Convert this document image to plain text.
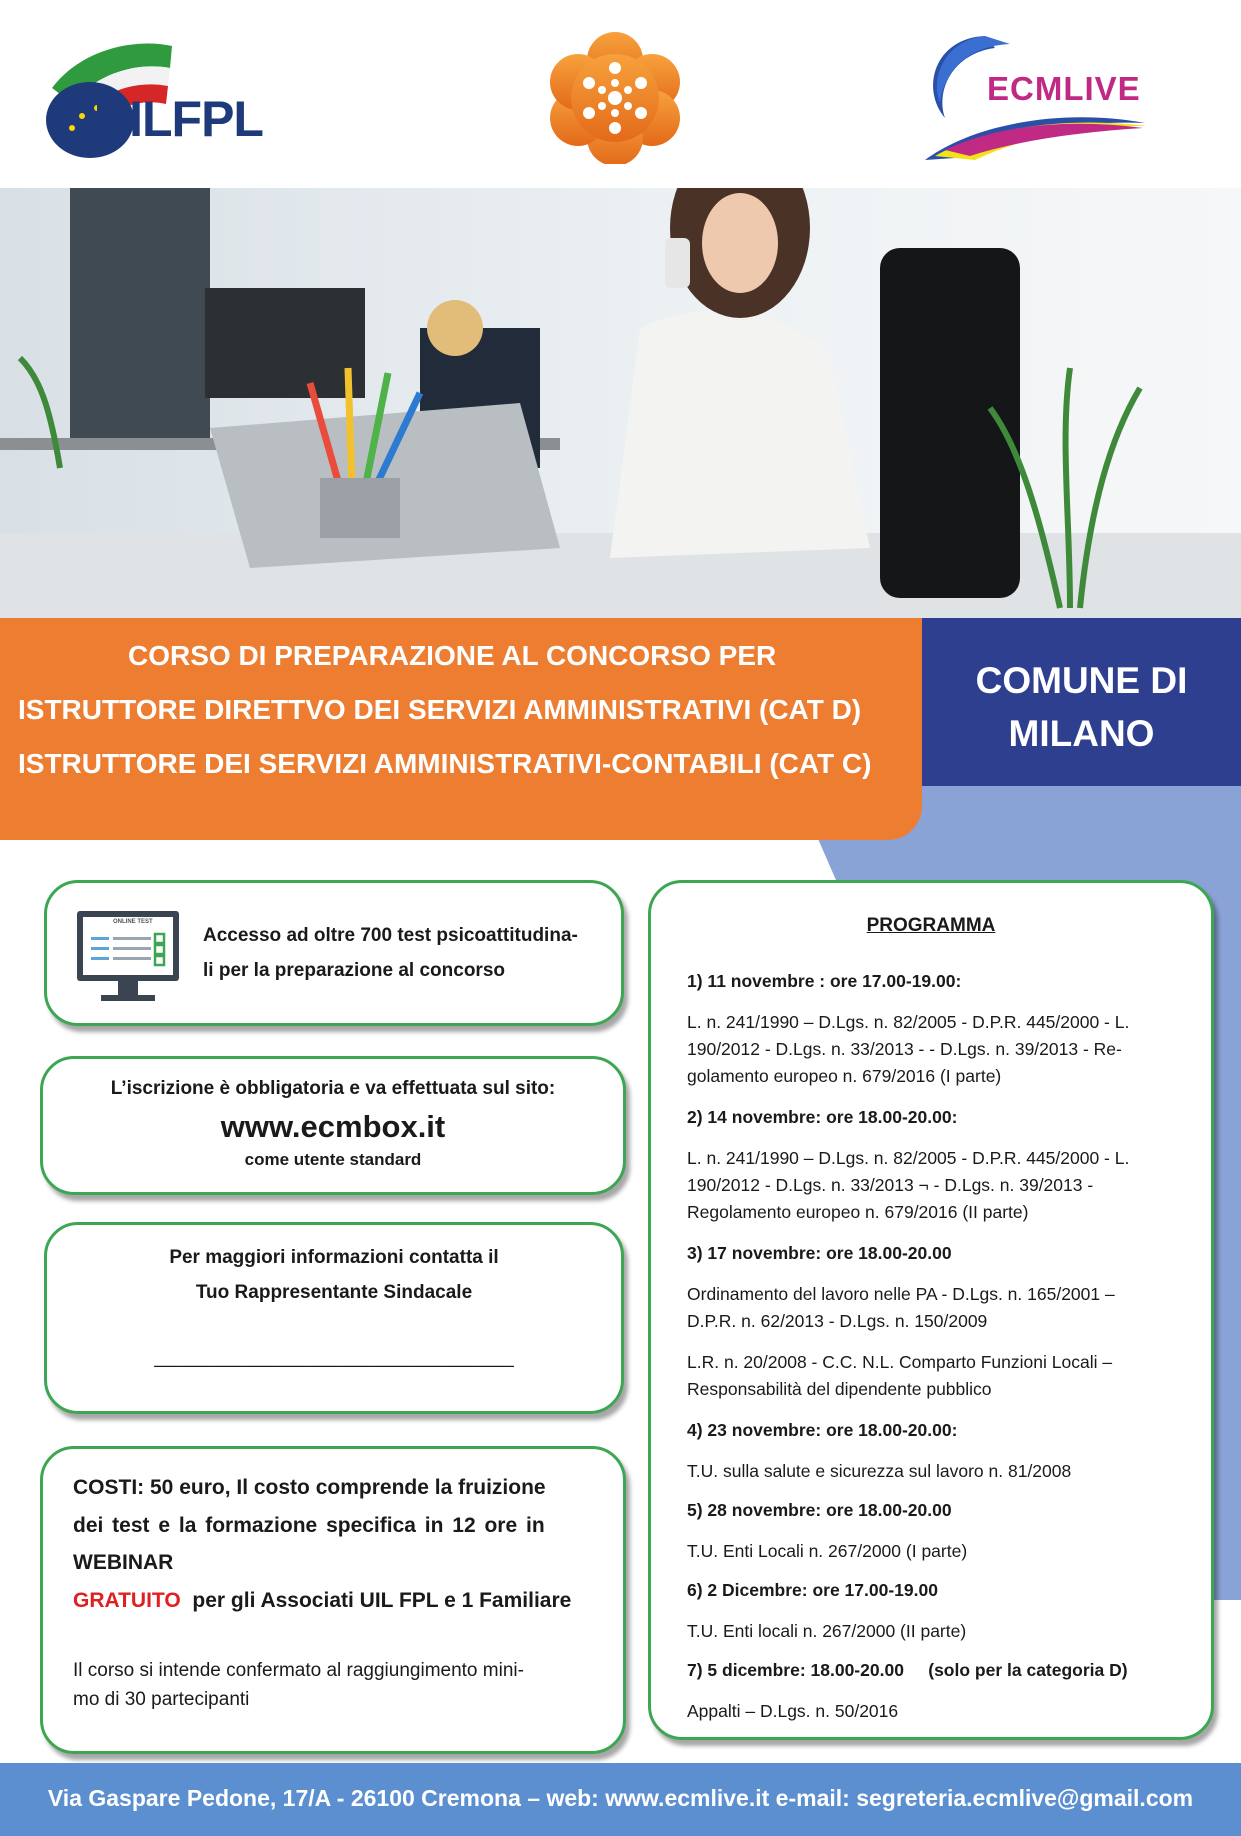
UILFPL
ECMLIVE
CORSO DI PREPARAZIONE AL CONCORSO PER
ISTRUTTORE DIRETTVO DEI SERVIZI AMMINISTRATIVI (CAT D)
ISTRUTTORE DEI SERVIZI AMMINISTRATIVI-CONTABILI (CAT C)
COMUNE DI
MILANO
ONLINE TEST
Accesso ad oltre 700 test psicoattitudina-
li per la preparazione al concorso
L’iscrizione è obbligatoria e va effettuata sul sito:
www.ecmbox.it
come utente standard
Per maggiori informazioni contatta il
Tuo Rappresentante Sindacale
__________________________________
COSTI: 50 euro, Il costo comprende la fruizione
dei test e la formazione specifica in 12 ore in
WEBINAR
GRATUITO per gli Associati UIL FPL e 1 Familiare
Il corso si intende confermato al raggiungimento mini-
mo di 30 partecipanti
PROGRAMMA
1) 11 novembre : ore 17.00-19.00:
L. n. 241/1990 – D.Lgs. n. 82/2005 - D.P.R. 445/2000 - L.
190/2012 - D.Lgs. n. 33/2013 - - D.Lgs. n. 39/2013 - Re-
golamento europeo n. 679/2016 (I parte)
2) 14 novembre: ore 18.00-20.00:
L. n. 241/1990 – D.Lgs. n. 82/2005 - D.P.R. 445/2000 - L.
190/2012 - D.Lgs. n. 33/2013 ¬ - D.Lgs. n. 39/2013 -
Regolamento europeo n. 679/2016 (II parte)
3) 17 novembre: ore 18.00-20.00
Ordinamento del lavoro nelle PA - D.Lgs. n. 165/2001 –
D.P.R. n. 62/2013 - D.Lgs. n. 150/2009
L.R. n. 20/2008 - C.C. N.L. Comparto Funzioni Locali –
Responsabilità del dipendente pubblico
4) 23 novembre: ore 18.00-20.00:
T.U. sulla salute e sicurezza sul lavoro n. 81/2008
5) 28 novembre: ore 18.00-20.00
T.U. Enti Locali n. 267/2000 (I parte)
6) 2 Dicembre: ore 17.00-19.00
T.U. Enti locali n. 267/2000 (II parte)
7) 5 dicembre: 18.00-20.00     (solo per la categoria D)
Appalti – D.Lgs. n. 50/2016
Via Gaspare Pedone, 17/A - 26100 Cremona – web: www.ecmlive.it e-mail: segreteria.ecmlive@gmail.com
